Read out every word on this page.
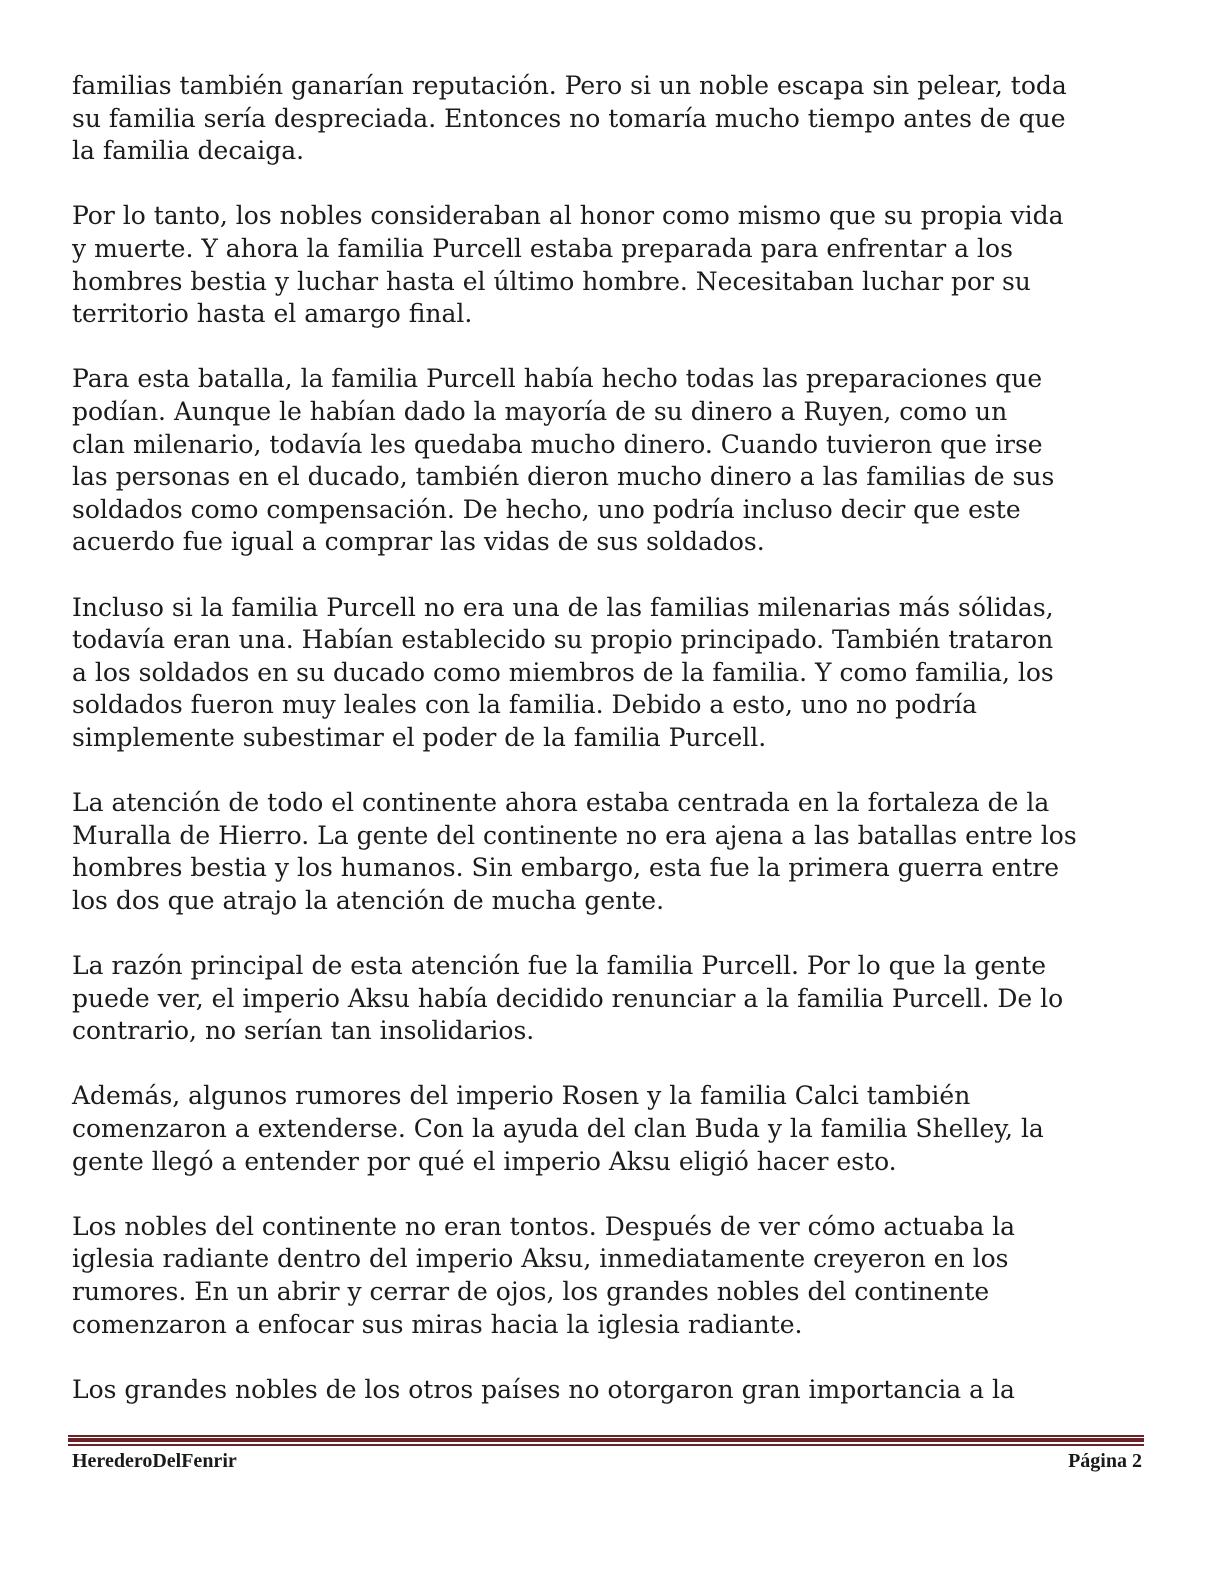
familias también ganarían reputación. Pero si un noble escapa sin pelear, toda
su familia sería despreciada. Entonces no tomaría mucho tiempo antes de que
la familia decaiga.

Por lo tanto, los nobles consideraban al honor como mismo que su propia vida
y muerte. Y ahora la familia Purcell estaba preparada para enfrentar a los
hombres bestia y luchar hasta el último hombre. Necesitaban luchar por su
territorio hasta el amargo final.

Para esta batalla, la familia Purcell había hecho todas las preparaciones que
podían. Aunque le habían dado la mayoría de su dinero a Ruyen, como un
clan milenario, todavía les quedaba mucho dinero. Cuando tuvieron que irse
las personas en el ducado, también dieron mucho dinero a las familias de sus
soldados como compensación. De hecho, uno podría incluso decir que este
acuerdo fue igual a comprar las vidas de sus soldados.

Incluso si la familia Purcell no era una de las familias milenarias más sólidas,
todavía eran una. Habían establecido su propio principado. También trataron
a los soldados en su ducado como miembros de la familia. Y como familia, los
soldados fueron muy leales con la familia. Debido a esto, uno no podría
simplemente subestimar el poder de la familia Purcell.

La atención de todo el continente ahora estaba centrada en la fortaleza de la
Muralla de Hierro. La gente del continente no era ajena a las batallas entre los
hombres bestia y los humanos. Sin embargo, esta fue la primera guerra entre
los dos que atrajo la atención de mucha gente.

La razón principal de esta atención fue la familia Purcell. Por lo que la gente
puede ver, el imperio Aksu había decidido renunciar a la familia Purcell. De lo
contrario, no serían tan insolidarios.

Además, algunos rumores del imperio Rosen y la familia Calci también
comenzaron a extenderse. Con la ayuda del clan Buda y la familia Shelley, la
gente llegó a entender por qué el imperio Aksu eligió hacer esto.

Los nobles del continente no eran tontos. Después de ver cómo actuaba la
iglesia radiante dentro del imperio Aksu, inmediatamente creyeron en los
rumores. En un abrir y cerrar de ojos, los grandes nobles del continente
comenzaron a enfocar sus miras hacia la iglesia radiante.

Los grandes nobles de los otros países no otorgaron gran importancia a la

HerederoDelFenrir	Página 2
